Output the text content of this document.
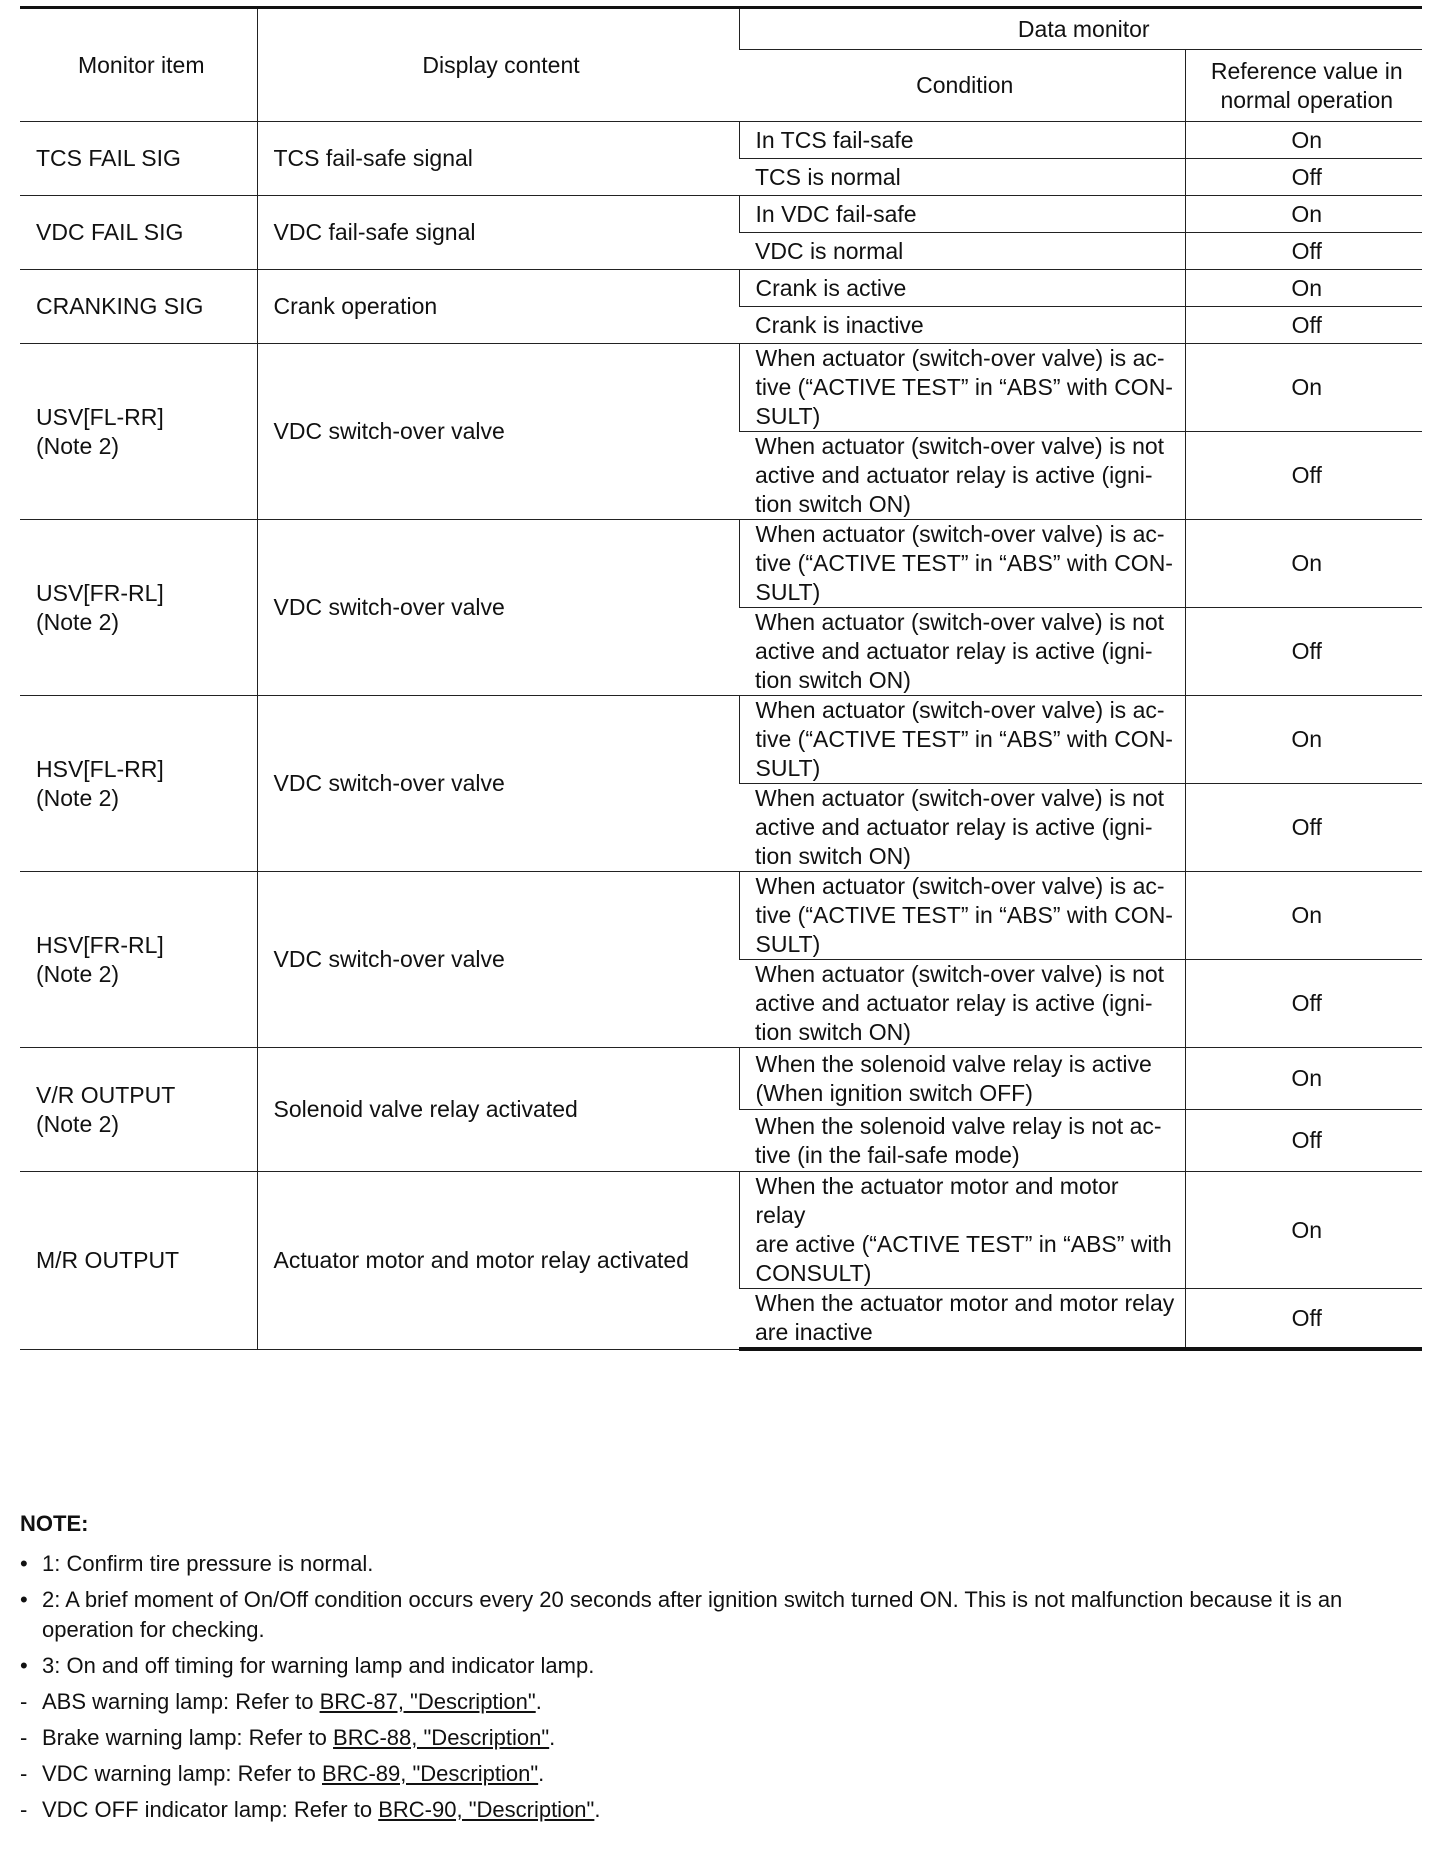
Monitor item	Display content	Data monitor	
		Condition	Reference value in normal operation

TCS FAIL SIG	TCS fail-safe signal	In TCS fail-safe	On

		TCS is normal	Off

VDC FAIL SIG	VDC fail-safe signal	In VDC fail-safe	On

		VDC is normal	Off

CRANKING SIG	Crank operation	Crank is active	On

		Crank is inactive	Off

USV[FL-RR]
(Note 2)	VDC switch-over valve	When actuator (switch-over valve) is ac-
tive (“ACTIVE TEST” in “ABS” with CON-
SULT)	On

		When actuator (switch-over valve) is not
active and actuator relay is active (igni-
tion switch ON)	Off

USV[FR-RL]
(Note 2)	VDC switch-over valve	When actuator (switch-over valve) is ac-
tive (“ACTIVE TEST” in “ABS” with CON-
SULT)	On

		When actuator (switch-over valve) is not
active and actuator relay is active (igni-
tion switch ON)	Off

HSV[FL-RR]
(Note 2)	VDC switch-over valve	When actuator (switch-over valve) is ac-
tive (“ACTIVE TEST” in “ABS” with CON-
SULT)	On

		When actuator (switch-over valve) is not
active and actuator relay is active (igni-
tion switch ON)	Off

HSV[FR-RL]
(Note 2)	VDC switch-over valve	When actuator (switch-over valve) is ac-
tive (“ACTIVE TEST” in “ABS” with CON-
SULT)	On

		When actuator (switch-over valve) is not
active and actuator relay is active (igni-
tion switch ON)	Off

V/R OUTPUT
(Note 2)	Solenoid valve relay activated	When the solenoid valve relay is active
(When ignition switch OFF)	On

		When the solenoid valve relay is not ac-
tive (in the fail-safe mode)	Off

M/R OUTPUT	Actuator motor and motor relay activated	When the actuator motor and motor relay
are active (“ACTIVE TEST” in “ABS” with
CONSULT)	On

		When the actuator motor and motor relay
are inactive	Off
NOTE:
• 1: Confirm tire pressure is normal.
• 2: A brief moment of On/Off condition occurs every 20 seconds after ignition switch turned ON. This is not malfunction because it is an
operation for checking.
• 3: On and off timing for warning lamp and indicator lamp.
- ABS warning lamp: Refer to BRC-87, "Description".
- Brake warning lamp: Refer to BRC-88, "Description".
- VDC warning lamp: Refer to BRC-89, "Description".
- VDC OFF indicator lamp: Refer to BRC-90, "Description".
